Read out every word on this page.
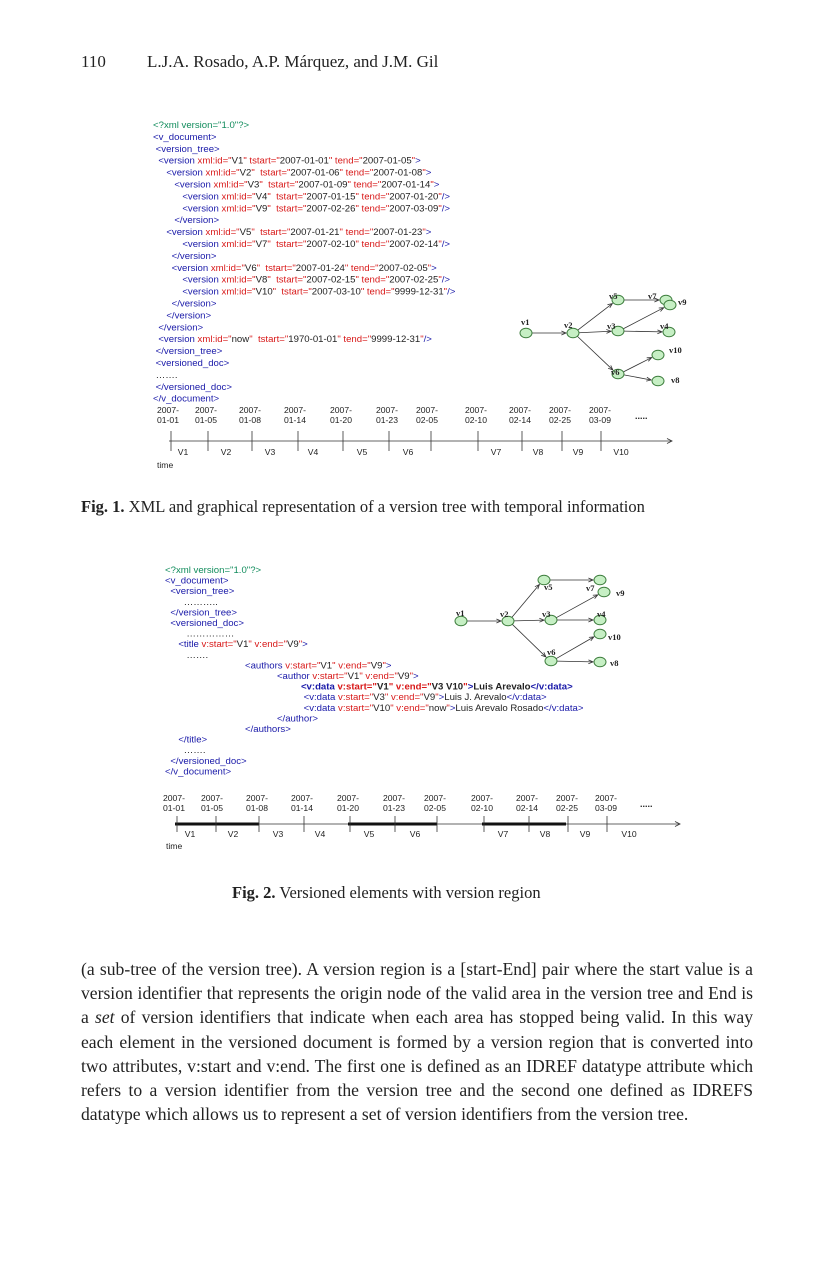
110 L.J.A. Rosado, A.P. Márquez, and J.M. Gil
<?xml version="1.0"?>
<v_document>
<version_tree>
<version xml:id="V1" tstart="2007-01-01" tend="2007-01-05">
<version xml:id="V2"  tstart="2007-01-06" tend="2007-01-08">
<version xml:id="V3"  tstart="2007-01-09" tend="2007-01-14">
<version xml:id="V4"  tstart="2007-01-15" tend="2007-01-20"/>
<version xml:id="V9"  tstart="2007-02-26" tend="2007-03-09"/>
</version>
<version xml:id="V5"  tstart="2007-01-21" tend="2007-01-23">
<version xml:id="V7"  tstart="2007-02-10" tend="2007-02-14"/>
</version>
<version xml:id="V6"  tstart="2007-01-24" tend="2007-02-05">
<version xml:id="V8"  tstart="2007-02-15" tend="2007-02-25"/>
<version xml:id="V10"  tstart="2007-03-10" tend="9999-12-31"/>
</version>
</version>
</version>
<version xml:id="now"  tstart="1970-01-01" tend="9999-12-31"/>
</version_tree>
<versioned_doc>
…….
</versioned_doc>
</v_document>
v1	v2	v3	v4
v5
v6
v7
v8
v9
v10
2007-
01-01
2007-
01-05
2007-
01-08
2007-
01-14
2007-
01-20
2007-
01-23
2007-
02-05
2007-
02-10
2007-
02-14
2007-
02-25
2007-
03-09	.....
V1	V2	V3	V4	V5	V6	V7	V8	V9	V10
time
Fig. 1. XML and graphical representation of a version tree with temporal information
<?xml version="1.0"?>
<v_document>
<version_tree>
………..
</version_tree>
<versioned_doc>
……………
<title v:start="V1" v:end="V9">
…….
<authors v:start="V1" v:end="V9">
<author v:start="V1" v:end="V9">
<v:data v:start="V1" v:end="V3 V10">Luis Arevalo</v:data>
<v:data v:start="V3" v:end="V9">Luis J. Arevalo</v:data>
<v:data v:start="V10" v:end="now">Luis Arevalo Rosado</v:data>
</author>
</authors>
</title>
…….
</versioned_doc>
</v_document>
v1	v2	v3	v4
v5
v6
v7
v8
v9
v10
2007-
01-01
2007-
01-05
2007-
01-08
2007-
01-14
2007-
01-20
2007-
01-23
2007-
02-05
2007-
02-10
2007-
02-14
2007-
02-25
2007-
03-09	.....
V1	V2	V3	V4	V5	V6	V7	V8	V9	V10
time
Fig. 2. Versioned elements with version region

(a sub-tree of the version tree). A version region is a [start-End] pair where the start value is a version identifier that represents the origin node of the valid area in the version tree and End is a set of version identifiers that indicate when each area has stopped being valid. In this way each element in the versioned document is formed by a version region that is converted into two attributes, v:start and v:end. The first one is defined as an IDREF datatype attribute which refers to a version identifier from the version tree and the second one defined as IDREFS datatype which allows us to represent a set of version identifiers from the version tree.
